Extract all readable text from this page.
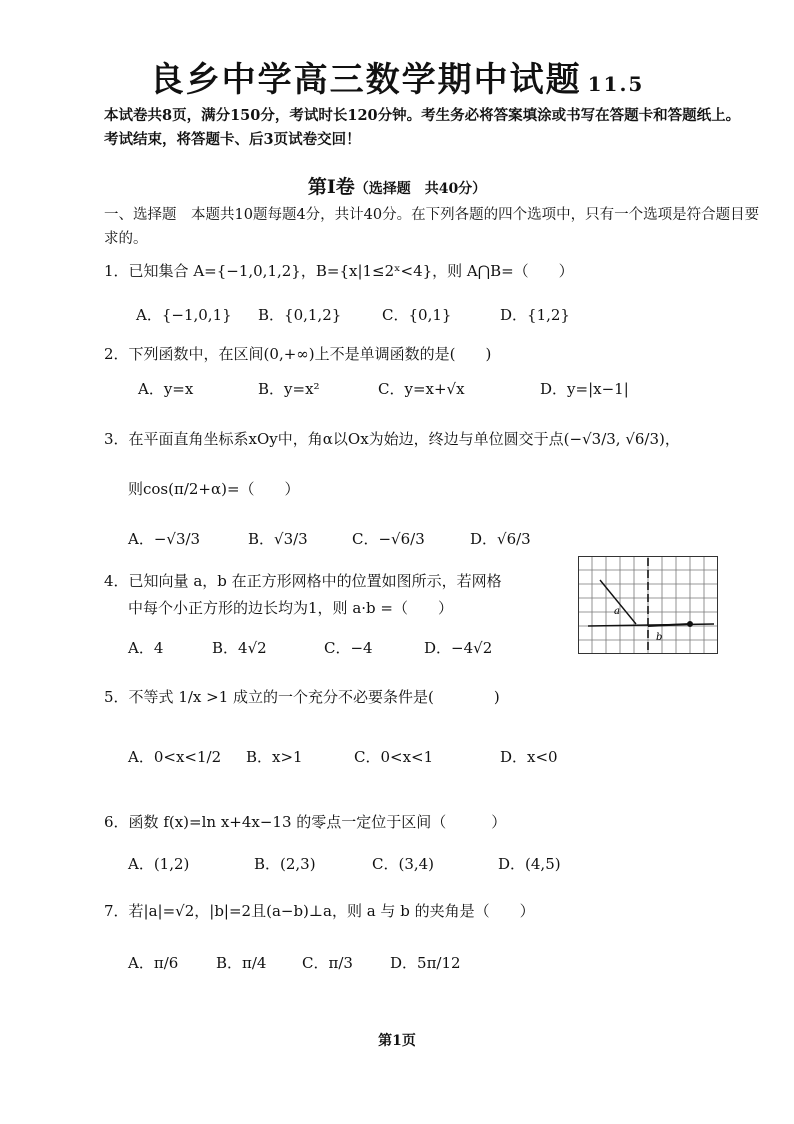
良乡中学高三数学期中试题 11.5
本试卷共8页，满分150分，考试时长120分钟。考生务必将答案填涂或书写在答题卡和答题纸上。考试结束，将答题卡、后3页试卷交回！
第Ⅰ卷（选择题　共40分）
一、选择题　本题共10题每题4分，共计40分。在下列各题的四个选项中，只有一个选项是符合题目要求的。
1．已知集合 A={−1,0,1,2}，B={x|1≤2ˣ<4}，则 A⋂B=（　　）
A．{−1,0,1} B．{0,1,2}	C．{0,1}	D．{1,2}
2．下列函数中，在区间(0,+∞)上不是单调函数的是(　　)
A．y=x	B．y=x²	C．y=x+√x	D．y=|x−1|
3．在平面直角坐标系xOy中，角α以Ox为始边，终边与单位圆交于点(−√3/3, √6/3)，
则cos(π/2+α)=（　　）
A．−√3/3	B．√3/3	C．−√6/3	D．√6/3
4．已知向量 a，b 在正方形网格中的位置如图所示，若网格
中每个小正方形的边长均为1，则 a·b =（　　）
A．4	B．4√2	C．−4	D．−4√2
a
b
5．不等式 1/x >1 成立的一个充分不必要条件是(　　　　)
A．0<x<1/2 B．x>1	C．0<x<1	D．x<0
6．函数 f(x)=ln x+4x−13 的零点一定位于区间（　　　）
A．(1,2)	B．(2,3)	C．(3,4)	D．(4,5)
7．若|a|=√2，|b|=2且(a−b)⊥a，则 a 与 b 的夹角是（　　）
A．π/6	B．π/4 C．π/3 D．5π/12
第1页
